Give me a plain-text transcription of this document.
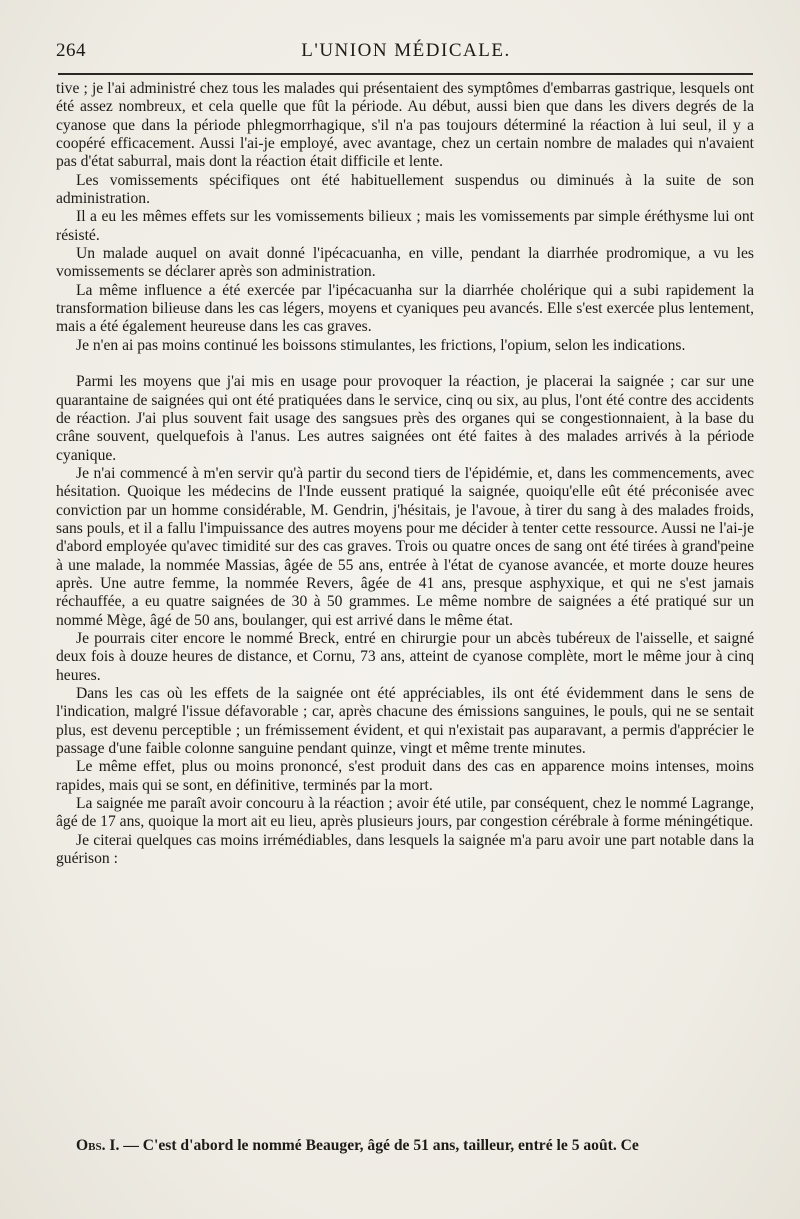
264	L'UNION MÉDICALE.

tive ; je l'ai administré chez tous les malades qui présentaient des symptômes d'embarras gastrique, lesquels ont été assez nombreux, et cela quelle que fût la période. Au début, aussi bien que dans les divers degrés de la cyanose que dans la période phlegmorrhagique, s'il n'a pas toujours déterminé la réaction à lui seul, il y a coopéré efficacement. Aussi l'ai-je employé, avec avantage, chez un certain nombre de malades qui n'avaient pas d'état saburral, mais dont la réaction était difficile et lente.

Les vomissements spécifiques ont été habituellement suspendus ou diminués à la suite de son administration.

Il a eu les mêmes effets sur les vomissements bilieux ; mais les vomissements par simple éréthysme lui ont résisté.

Un malade auquel on avait donné l'ipécacuanha, en ville, pendant la diarrhée prodromique, a vu les vomissements se déclarer après son administration.

La même influence a été exercée par l'ipécacuanha sur la diarrhée cholérique qui a subi rapidement la transformation bilieuse dans les cas légers, moyens et cyaniques peu avancés. Elle s'est exercée plus lentement, mais a été également heureuse dans les cas graves.

Je n'en ai pas moins continué les boissons stimulantes, les frictions, l'opium, selon les indications.

Parmi les moyens que j'ai mis en usage pour provoquer la réaction, je placerai la saignée ; car sur une quarantaine de saignées qui ont été pratiquées dans le service, cinq ou six, au plus, l'ont été contre des accidents de réaction. J'ai plus souvent fait usage des sangsues près des organes qui se congestionnaient, à la base du crâne souvent, quelquefois à l'anus. Les autres saignées ont été faites à des malades arrivés à la période cyanique.

Je n'ai commencé à m'en servir qu'à partir du second tiers de l'épidémie, et, dans les commencements, avec hésitation. Quoique les médecins de l'Inde eussent pratiqué la saignée, quoiqu'elle eût été préconisée avec conviction par un homme considérable, M. Gendrin, j'hésitais, je l'avoue, à tirer du sang à des malades froids, sans pouls, et il a fallu l'impuissance des autres moyens pour me décider à tenter cette ressource. Aussi ne l'ai-je d'abord employée qu'avec timidité sur des cas graves. Trois ou quatre onces de sang ont été tirées à grand'peine à une malade, la nommée Massias, âgée de 55 ans, entrée à l'état de cyanose avancée, et morte douze heures après. Une autre femme, la nommée Revers, âgée de 41 ans, presque asphyxique, et qui ne s'est jamais réchauffée, a eu quatre saignées de 30 à 50 grammes. Le même nombre de saignées a été pratiqué sur un nommé Mège, âgé de 50 ans, boulanger, qui est arrivé dans le même état.

Je pourrais citer encore le nommé Breck, entré en chirurgie pour un abcès tubéreux de l'aisselle, et saigné deux fois à douze heures de distance, et Cornu, 73 ans, atteint de cyanose complète, mort le même jour à cinq heures.

Dans les cas où les effets de la saignée ont été appréciables, ils ont été évidemment dans le sens de l'indication, malgré l'issue défavorable ; car, après chacune des émissions sanguines, le pouls, qui ne se sentait plus, est devenu perceptible ; un frémissement évident, et qui n'existait pas auparavant, a permis d'apprécier le passage d'une faible colonne sanguine pendant quinze, vingt et même trente minutes.

Le même effet, plus ou moins prononcé, s'est produit dans des cas en apparence moins intenses, moins rapides, mais qui se sont, en définitive, terminés par la mort.

La saignée me paraît avoir concouru à la réaction ; avoir été utile, par conséquent, chez le nommé Lagrange, âgé de 17 ans, quoique la mort ait eu lieu, après plusieurs jours, par congestion cérébrale à forme méningétique.

Je citerai quelques cas moins irrémédiables, dans lesquels la saignée m'a paru avoir une part notable dans la guérison :

Obs. I. — C'est d'abord le nommé Beauger, âgé de 51 ans, tailleur, entré le 5 août. Ce
